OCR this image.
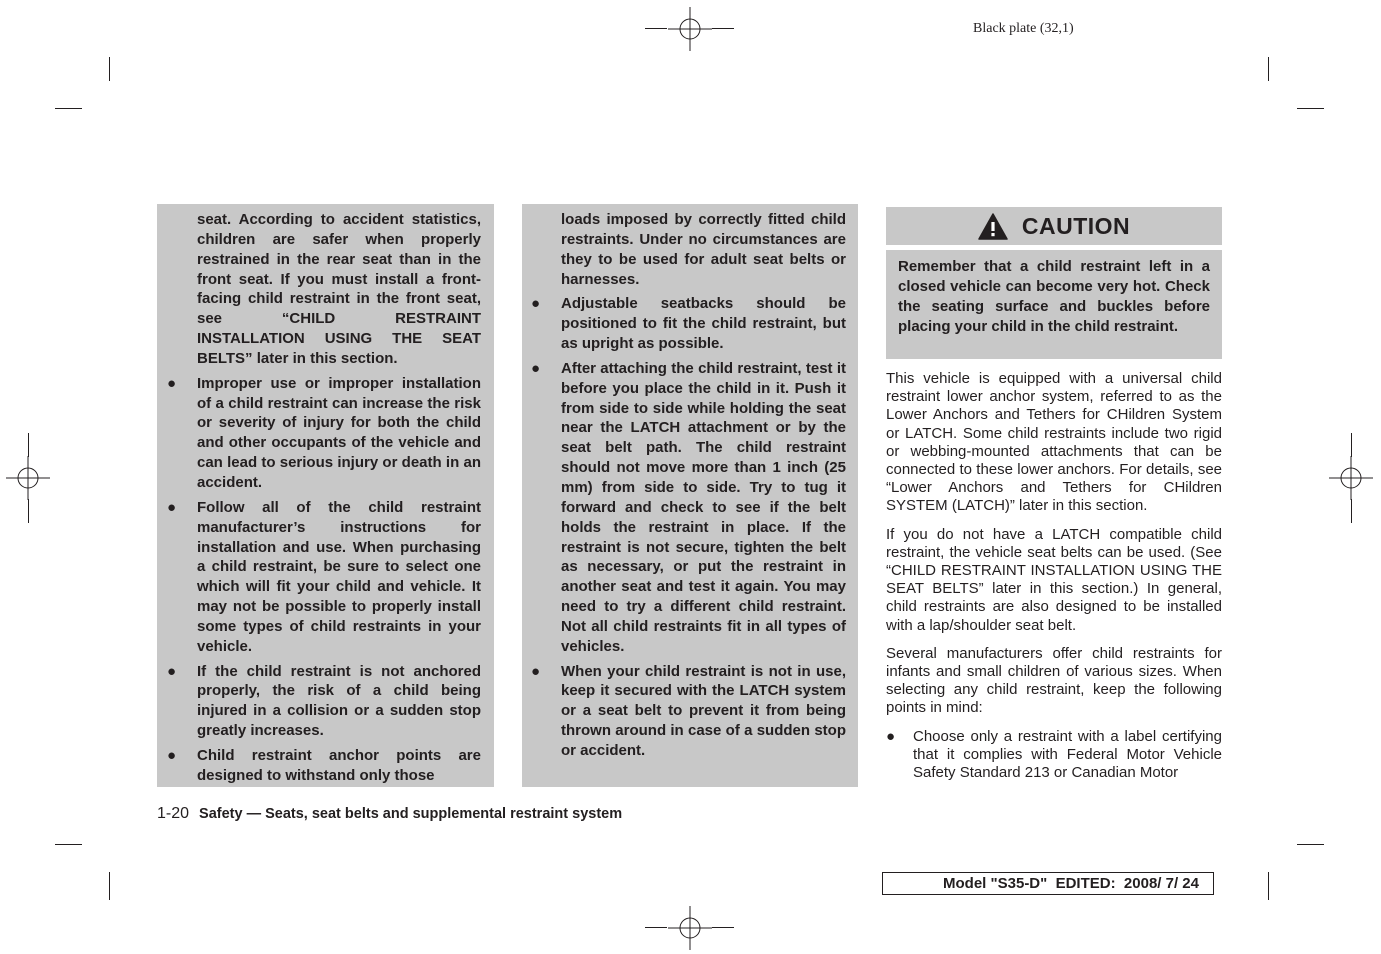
Black plate (32,1)

seat. According to accident statistics, children are safer when properly restrained in the rear seat than in the front seat. If you must install a front-facing child restraint in the front seat, see “CHILD RESTRAINT INSTALLATION USING THE SEAT BELTS” later in this section.

● Improper use or improper installation of a child restraint can increase the risk or severity of injury for both the child and other occupants of the vehicle and can lead to serious injury or death in an accident.
● Follow all of the child restraint manufacturer’s instructions for installation and use. When purchasing a child restraint, be sure to select one which will fit your child and vehicle. It may not be possible to properly install some types of child restraints in your vehicle.
● If the child restraint is not anchored properly, the risk of a child being injured in a collision or a sudden stop greatly increases.
● Child restraint anchor points are designed to withstand only those

loads imposed by correctly fitted child restraints. Under no circumstances are they to be used for adult seat belts or harnesses.

● Adjustable seatbacks should be positioned to fit the child restraint, but as upright as possible.
● After attaching the child restraint, test it before you place the child in it. Push it from side to side while holding the seat near the LATCH attachment or by the seat belt path. The child restraint should not move more than 1 inch (25 mm) from side to side. Try to tug it forward and check to see if the belt holds the restraint in place. If the restraint is not secure, tighten the belt as necessary, or put the restraint in another seat and test it again. You may need to try a different child restraint. Not all child restraints fit in all types of vehicles.
● When your child restraint is not in use, keep it secured with the LATCH system or a seat belt to prevent it from being thrown around in case of a sudden stop or accident.
CAUTION
Remember that a child restraint left in a closed vehicle can become very hot. Check the seating surface and buckles before placing your child in the child restraint.

This vehicle is equipped with a universal child restraint lower anchor system, referred to as the Lower Anchors and Tethers for CHildren System or LATCH. Some child restraints include two rigid or webbing-mounted attachments that can be connected to these lower anchors. For details, see “Lower Anchors and Tethers for CHildren SYSTEM (LATCH)” later in this section.

If you do not have a LATCH compatible child restraint, the vehicle seat belts can be used. (See “CHILD RESTRAINT INSTALLATION USING THE SEAT BELTS” later in this section.) In general, child restraints are also designed to be installed with a lap/shoulder seat belt.

Several manufacturers offer child restraints for infants and small children of various sizes. When selecting any child restraint, keep the following points in mind:

● Choose only a restraint with a label certifying that it complies with Federal Motor Vehicle Safety Standard 213 or Canadian Motor
1-20 Safety — Seats, seat belts and supplemental restraint system
Model "S35-D"  EDITED:  2008/ 7/ 24
